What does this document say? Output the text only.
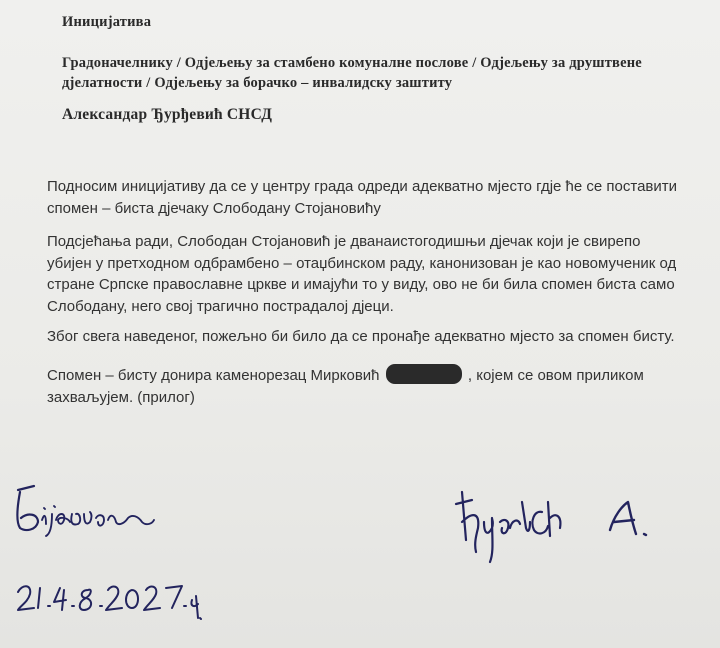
Иницијатива
Градоначелнику / Одјељењу за стамбено комуналне послове / Одјељењу за друштвене дјелатности / Одјељењу за борачко – инвалидску заштиту
Александар Ђурђевић СНСД
Подносим иницијативу да се у центру града одреди адекватно мјесто гдје ће се поставити спомен – биста дјечаку Слободану Стојановићу
Подсјећања ради, Слободан Стојановић је дванаистогодишњи дјечак који је свирепо убијен у претходном одбрамбено – отаџбинском раду, канонизован је као новомученик од стране Српске православне цркве и имајући то у виду, ово не би била спомен биста само Слободану, него свој трагично пострадалој дјеци.
Због свега наведеног, пожељно би било да се пронађе адекватно мјесто за спомен бисту.
Спомен – бисту донира каменорезац Мирковић	, којем се овом приликом захваљујем. (прилог)
